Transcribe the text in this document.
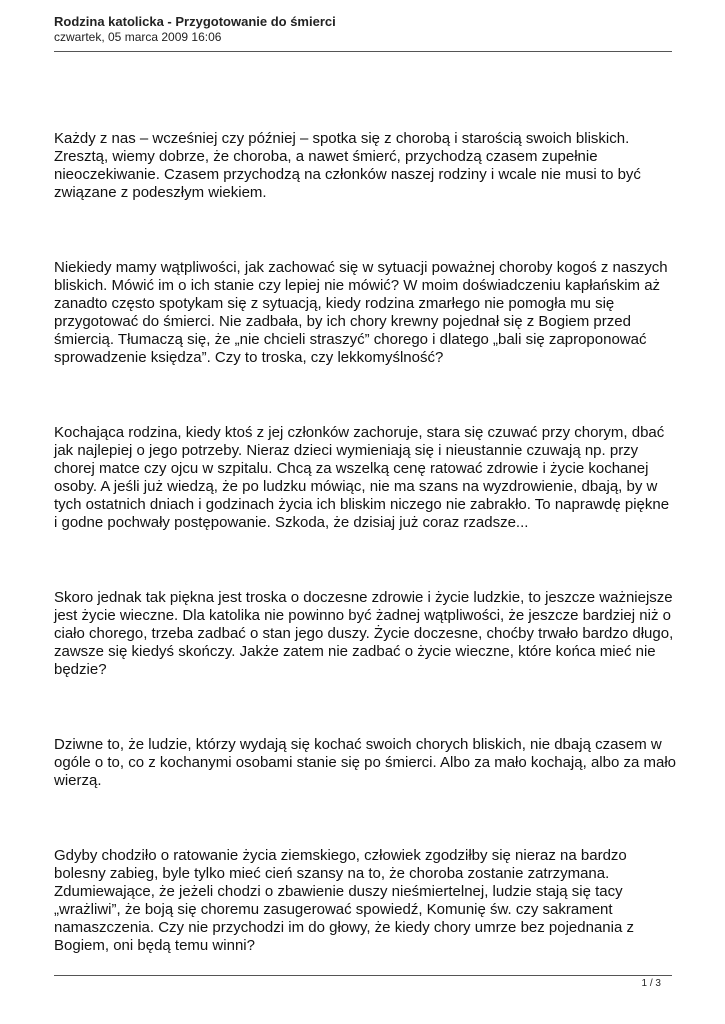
Rodzina katolicka - Przygotowanie do śmierci
czwartek, 05 marca 2009 16:06

Każdy z nas – wcześniej czy później – spotka się z chorobą i starością swoich bliskich. Zresztą, wiemy dobrze, że choroba, a nawet śmierć, przychodzą czasem zupełnie nieoczekiwanie. Czasem przychodzą na członków naszej rodziny i wcale nie musi to być związane z podeszłym wiekiem.

Niekiedy mamy wątpliwości, jak zachować się w sytuacji poważnej choroby kogoś z naszych bliskich. Mówić im o ich stanie czy lepiej nie mówić? W moim doświadczeniu kapłańskim aż zanadto często spotykam się z sytuacją, kiedy rodzina zmarłego nie pomogła mu się przygotować do śmierci. Nie zadbała, by ich chory krewny pojednał się z Bogiem przed śmiercią. Tłumaczą się, że „nie chcieli straszyć” chorego i dlatego „bali się zaproponować sprowadzenie księdza”. Czy to troska, czy lekkomyślność?

Kochająca rodzina, kiedy ktoś z jej członków zachoruje, stara się czuwać przy chorym, dbać jak najlepiej o jego potrzeby. Nieraz dzieci wymieniają się i nieustannie czuwają np. przy chorej matce czy ojcu w szpitalu. Chcą za wszelką cenę ratować zdrowie i życie kochanej osoby. A jeśli już wiedzą, że po ludzku mówiąc, nie ma szans na wyzdrowienie, dbają, by w tych ostatnich dniach i godzinach życia ich bliskim niczego nie zabrakło. To naprawdę piękne i godne pochwały postępowanie. Szkoda, że dzisiaj już coraz rzadsze...

Skoro jednak tak piękna jest troska o doczesne zdrowie i życie ludzkie, to jeszcze ważniejsze jest życie wieczne. Dla katolika nie powinno być żadnej wątpliwości, że jeszcze bardziej niż o ciało chorego, trzeba zadbać o stan jego duszy. Życie doczesne, choćby trwało bardzo długo, zawsze się kiedyś skończy. Jakże zatem nie zadbać o życie wieczne, które końca mieć nie będzie?

Dziwne to, że ludzie, którzy wydają się kochać swoich chorych bliskich, nie dbają czasem w ogóle o to, co z kochanymi osobami stanie się po śmierci. Albo za mało kochają, albo za mało wierzą.

Gdyby chodziło o ratowanie życia ziemskiego, człowiek zgodziłby się nieraz na bardzo bolesny zabieg, byle tylko mieć cień szansy na to, że choroba zostanie zatrzymana. Zdumiewające, że jeżeli chodzi o zbawienie duszy nieśmiertelnej, ludzie stają się tacy „wrażliwi”, że boją się choremu zasugerować spowiedź, Komunię św. czy sakrament namaszczenia. Czy nie przychodzi im do głowy, że kiedy chory umrze bez pojednania z Bogiem, oni będą temu winni?

1 / 3
